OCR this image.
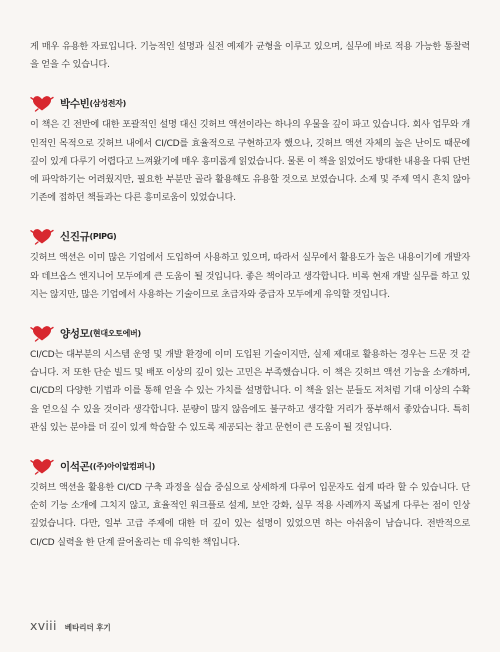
게 매우 유용한 자료입니다. 기능적인 설명과 실전 예제가 균형을 이루고 있으며, 실무에 바로 적용 가능한 통찰력을 얻을 수 있습니다.

박수빈 (삼성전자)

이 책은 긴 전반에 대한 포괄적인 설명 대신 깃허브 액션이라는 하나의 우물을 깊이 파고 있습니다. 회사 업무와 개인적인 목적으로 깃허브 내에서 CI/CD를 효율적으로 구현하고자 했으나, 깃허브 액션 자체의 높은 난이도 때문에 깊이 있게 다루기 어렵다고 느껴왔기에 매우 흥미롭게 읽었습니다. 물론 이 책을 읽었어도 방대한 내용을 다뤄 단번에 파악하기는 어려웠지만, 필요한 부분만 골라 활용해도 유용할 것으로 보였습니다. 소제 및 주제 역시 흔치 않아 기존에 접하던 책들과는 다른 흥미로움이 있었습니다.

신진규 (PIPG)

깃허브 액션은 이미 많은 기업에서 도입하여 사용하고 있으며, 따라서 실무에서 활용도가 높은 내용이기에 개발자와 데브옵스 엔지니어 모두에게 큰 도움이 될 것입니다. 좋은 책이라고 생각합니다. 비록 현재 개발 실무를 하고 있지는 않지만, 많은 기업에서 사용하는 기술이므로 초급자와 중급자 모두에게 유익할 것입니다.

양성모 (현대오토에버)

CI/CD는 대부분의 시스템 운영 및 개발 환경에 이미 도입된 기술이지만, 실제 제대로 활용하는 경우는 드문 것 같습니다. 저 또한 단순 빌드 및 배포 이상의 깊이 있는 고민은 부족했습니다. 이 책은 깃허브 액션 기능을 소개하며, CI/CD의 다양한 기법과 이를 통해 얻을 수 있는 가치를 설명합니다. 이 책을 읽는 분들도 저처럼 기대 이상의 수확을 얻으실 수 있을 것이라 생각합니다. 분량이 많지 않음에도 불구하고 생각할 거리가 풍부해서 좋았습니다. 특히 관심 있는 분야를 더 깊이 있게 학습할 수 있도록 제공되는 참고 문헌이 큰 도움이 될 것입니다.

이석곤 ((주)아이알컴퍼니)

깃허브 액션을 활용한 CI/CD 구축 과정을 실습 중심으로 상세하게 다루어 입문자도 쉽게 따라 할 수 있습니다. 단순히 기능 소개에 그치지 않고, 효율적인 워크플로 설계, 보안 강화, 실무 적용 사례까지 폭넓게 다루는 점이 인상 깊었습니다. 다만, 일부 고급 주제에 대한 더 깊이 있는 설명이 있었으면 하는 아쉬움이 남습니다. 전반적으로 CI/CD 실력을 한 단계 끌어올리는 데 유익한 책입니다.

xviii 베타리더 후기
